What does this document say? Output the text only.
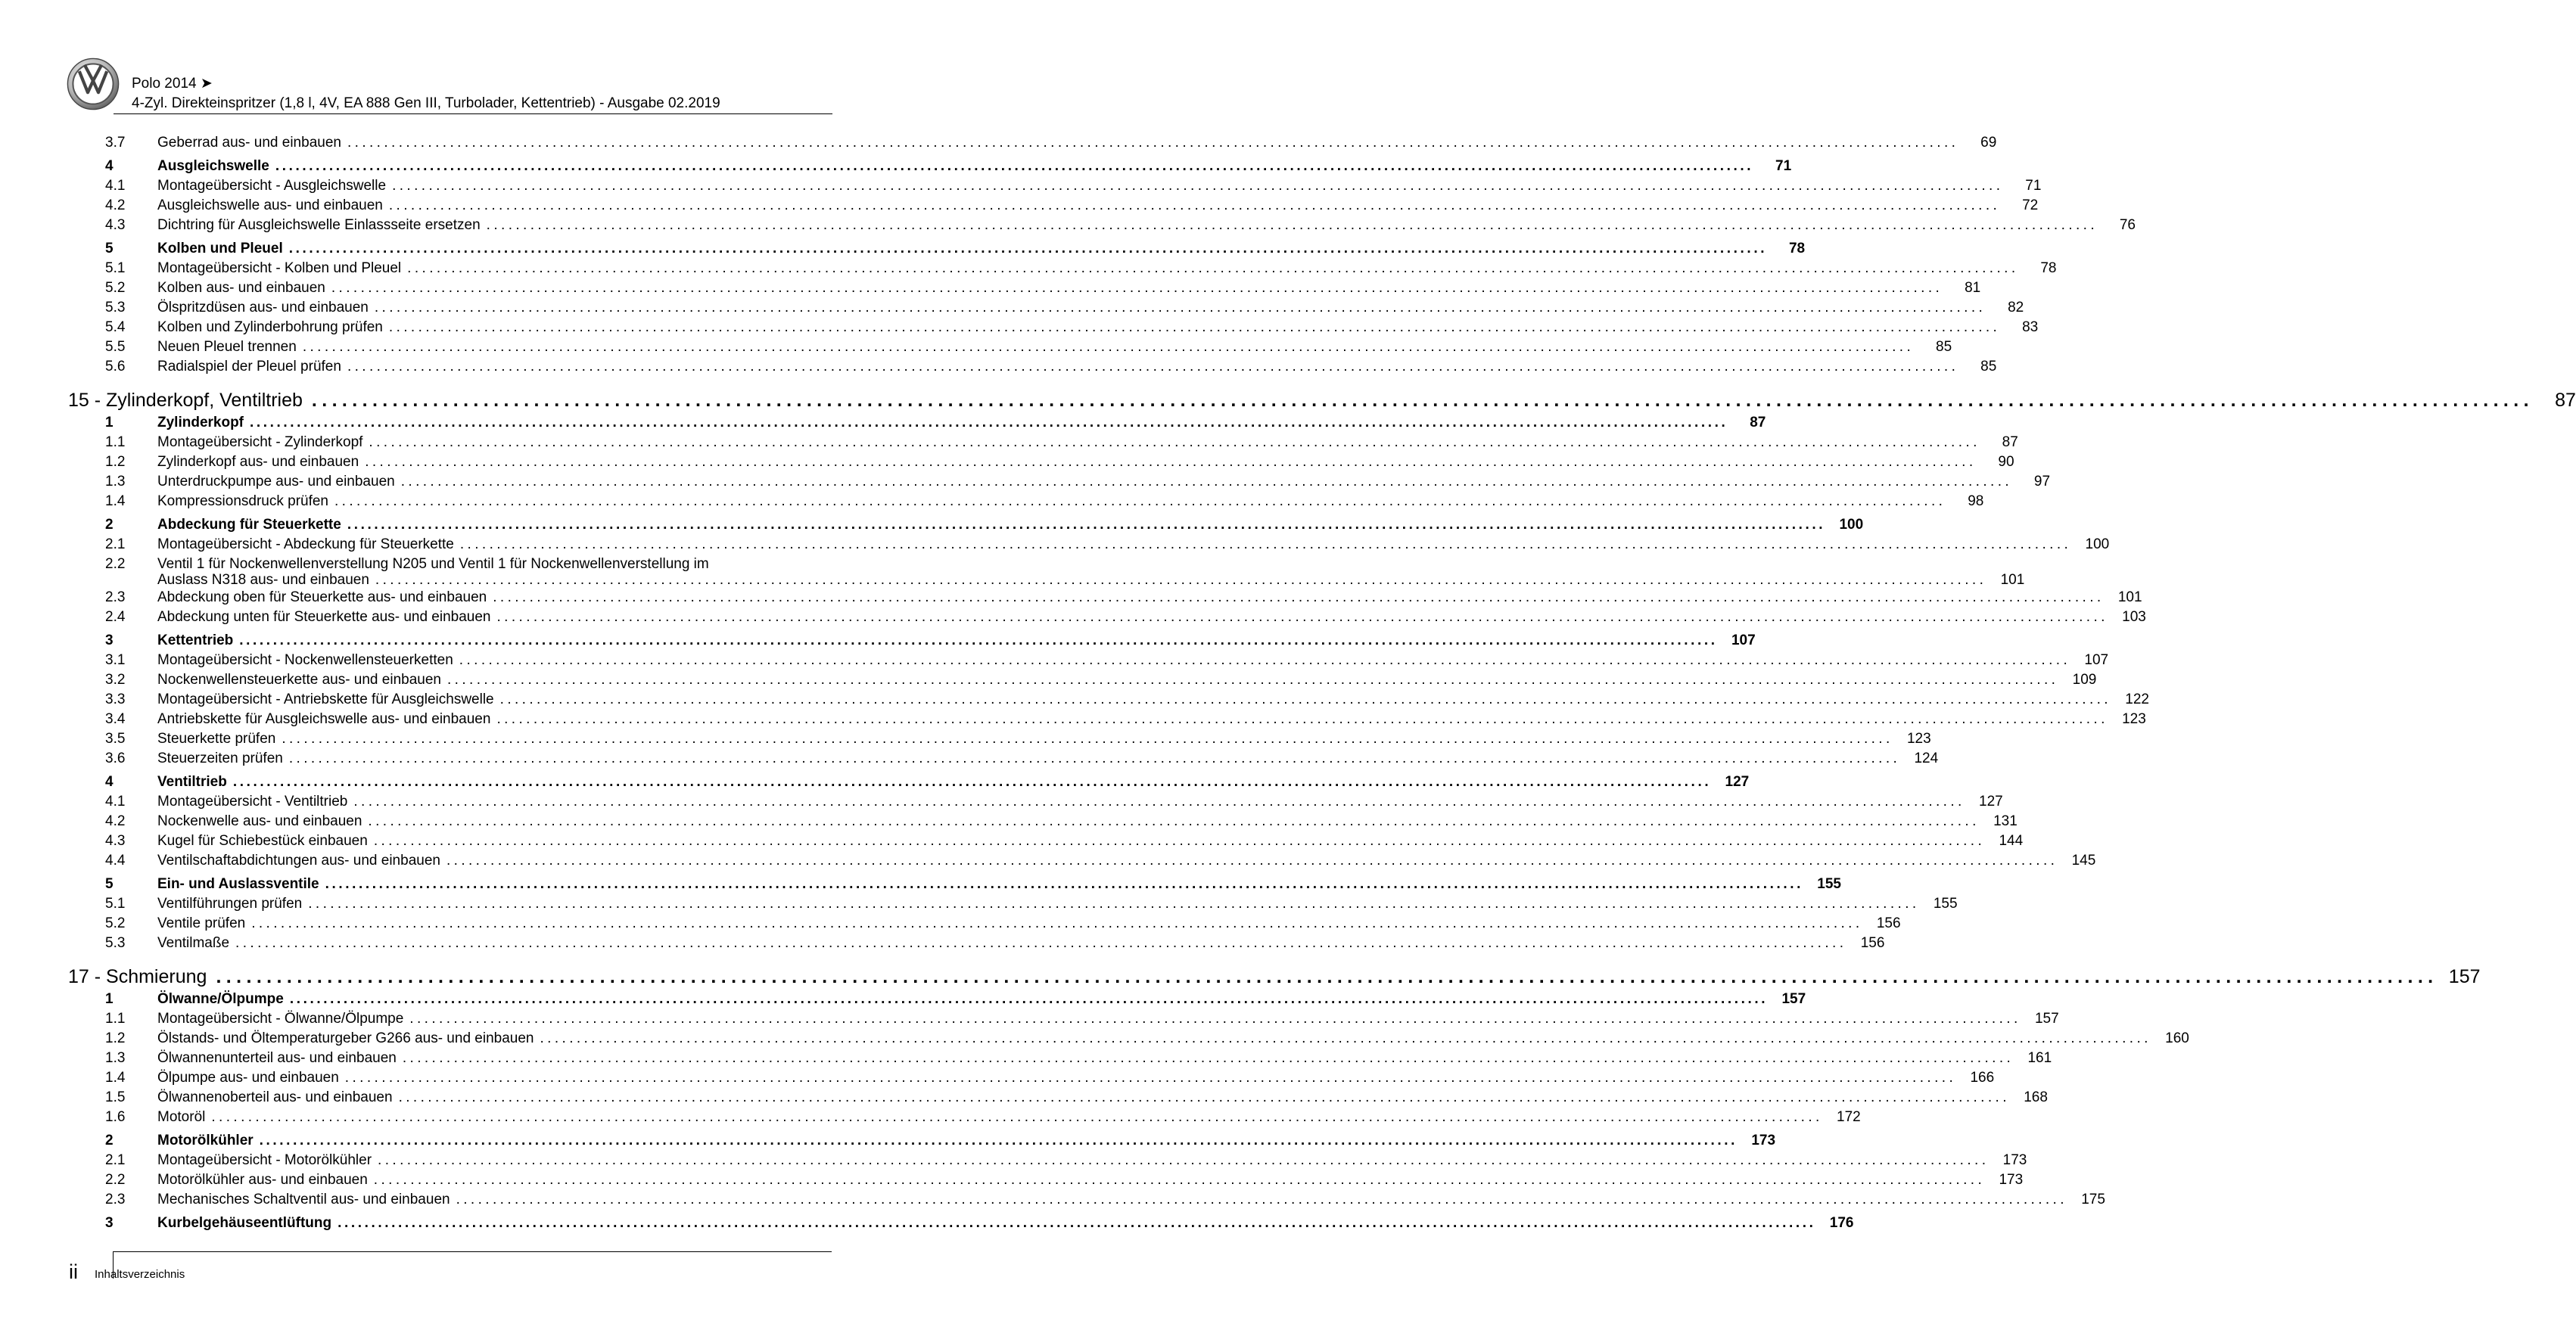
Polo 2014 ➤
4-Zyl. Direkteinspritzer (1,8 l, 4V, EA 888 Gen III, Turbolader, Kettentrieb) - Ausgabe 02.2019
3.7	Geberrad aus- und einbauen ............................................................................................................................................................................................................................	69
4	Ausgleichswelle ............................................................................................................................................................................................................................	71
4.1	Montageübersicht - Ausgleichswelle ............................................................................................................................................................................................................................	71
4.2	Ausgleichswelle aus- und einbauen ............................................................................................................................................................................................................................	72
4.3	Dichtring für Ausgleichswelle Einlassseite ersetzen ............................................................................................................................................................................................................................	76
5	Kolben und Pleuel ............................................................................................................................................................................................................................	78
5.1	Montageübersicht - Kolben und Pleuel ............................................................................................................................................................................................................................	78
5.2	Kolben aus- und einbauen ............................................................................................................................................................................................................................	81
5.3	Ölspritzdüsen aus- und einbauen ............................................................................................................................................................................................................................	82
5.4	Kolben und Zylinderbohrung prüfen ............................................................................................................................................................................................................................	83
5.5	Neuen Pleuel trennen ............................................................................................................................................................................................................................	85
5.6	Radialspiel der Pleuel prüfen ............................................................................................................................................................................................................................	85
15 - Zylinderkopf, Ventiltrieb ............................................................................................................................................................................................................................	87
1	Zylinderkopf ............................................................................................................................................................................................................................	87
1.1	Montageübersicht - Zylinderkopf ............................................................................................................................................................................................................................	87
1.2	Zylinderkopf aus- und einbauen ............................................................................................................................................................................................................................	90
1.3	Unterdruckpumpe aus- und einbauen ............................................................................................................................................................................................................................	97
1.4	Kompressionsdruck prüfen ............................................................................................................................................................................................................................	98
2	Abdeckung für Steuerkette ............................................................................................................................................................................................................................ 100
2.1	Montageübersicht - Abdeckung für Steuerkette ............................................................................................................................................................................................................................ 100
2.2	Ventil 1 für Nockenwellenverstellung N205 und Ventil 1 für Nockenwellenverstellung im
Auslass N318 aus- und einbauen ............................................................................................................................................................................................................................ 101
2.3	Abdeckung oben für Steuerkette aus- und einbauen ............................................................................................................................................................................................................................ 101
2.4	Abdeckung unten für Steuerkette aus- und einbauen ............................................................................................................................................................................................................................ 103
3	Kettentrieb ............................................................................................................................................................................................................................ 107
3.1	Montageübersicht - Nockenwellensteuerketten ............................................................................................................................................................................................................................ 107
3.2	Nockenwellensteuerkette aus- und einbauen ............................................................................................................................................................................................................................ 109
3.3	Montageübersicht - Antriebskette für Ausgleichswelle ............................................................................................................................................................................................................................ 122
3.4	Antriebskette für Ausgleichswelle aus- und einbauen ............................................................................................................................................................................................................................ 123
3.5	Steuerkette prüfen ............................................................................................................................................................................................................................ 123
3.6	Steuerzeiten prüfen ............................................................................................................................................................................................................................ 124
4	Ventiltrieb ............................................................................................................................................................................................................................ 127
4.1	Montageübersicht - Ventiltrieb ............................................................................................................................................................................................................................ 127
4.2	Nockenwelle aus- und einbauen ............................................................................................................................................................................................................................ 131
4.3	Kugel für Schiebestück einbauen ............................................................................................................................................................................................................................ 144
4.4	Ventilschaftabdichtungen aus- und einbauen ............................................................................................................................................................................................................................ 145
5	Ein- und Auslassventile ............................................................................................................................................................................................................................ 155
5.1	Ventilführungen prüfen ............................................................................................................................................................................................................................ 155
5.2	Ventile prüfen ............................................................................................................................................................................................................................ 156
5.3	Ventilmaße ............................................................................................................................................................................................................................ 156
17 - Schmierung ............................................................................................................................................................................................................................ 157
1	Ölwanne/Ölpumpe ............................................................................................................................................................................................................................ 157
1.1	Montageübersicht - Ölwanne/Ölpumpe ............................................................................................................................................................................................................................ 157
1.2	Ölstands- und Öltemperaturgeber G266 aus- und einbauen ............................................................................................................................................................................................................................ 160
1.3	Ölwannenunterteil aus- und einbauen ............................................................................................................................................................................................................................ 161
1.4	Ölpumpe aus- und einbauen ............................................................................................................................................................................................................................ 166
1.5	Ölwannenoberteil aus- und einbauen ............................................................................................................................................................................................................................ 168
1.6	Motoröl ............................................................................................................................................................................................................................ 172
2	Motorölkühler ............................................................................................................................................................................................................................ 173
2.1	Montageübersicht - Motorölkühler ............................................................................................................................................................................................................................ 173
2.2	Motorölkühler aus- und einbauen ............................................................................................................................................................................................................................ 173
2.3	Mechanisches Schaltventil aus- und einbauen ............................................................................................................................................................................................................................ 175
3	Kurbelgehäuseentlüftung ............................................................................................................................................................................................................................ 176
ii Inhaltsverzeichnis
